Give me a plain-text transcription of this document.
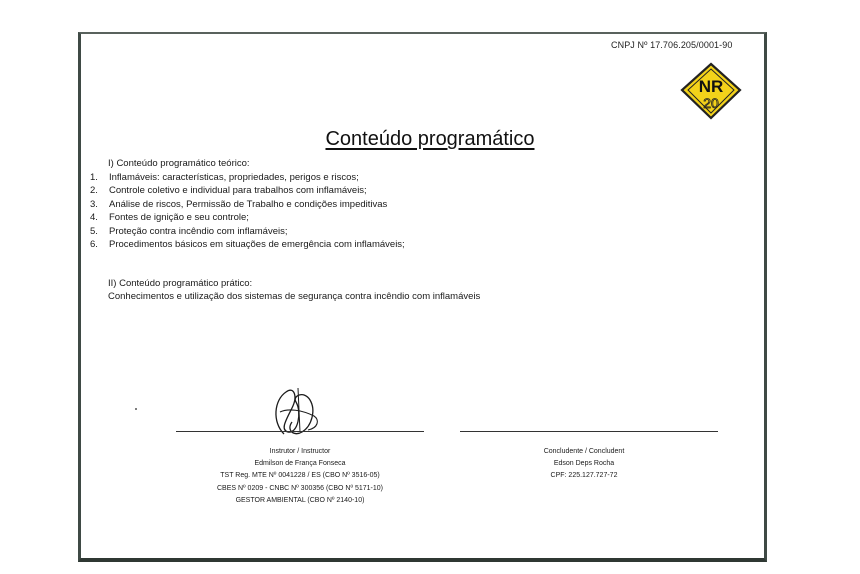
CNPJ Nº 17.706.205/0001-90
NR
20
Conteúdo programático
I) Conteúdo programático teórico:
1.	Inflamáveis: características, propriedades, perigos e riscos;
2.	Controle coletivo e individual para trabalhos com inflamáveis;
3.	Análise de riscos, Permissão de Trabalho e condições impeditivas
4.	Fontes de ignição e seu controle;
5.	Proteção contra incêndio com inflamáveis;
6.	Procedimentos básicos em situações de emergência com inflamáveis;
II) Conteúdo programático prático:
Conhecimentos e utilização dos sistemas de segurança contra incêndio com inflamáveis
Instrutor / Instructor
Edmilson de França Fonseca
TST Reg. MTE Nº 0041228 / ES (CBO Nº 3516-05)
CBES Nº 0209 - CNBC Nº 300356 (CBO Nº 5171-10)
GESTOR AMBIENTAL (CBO Nº 2140-10)
Concludente / Concludent
Edson Deps Rocha
CPF: 225.127.727-72
